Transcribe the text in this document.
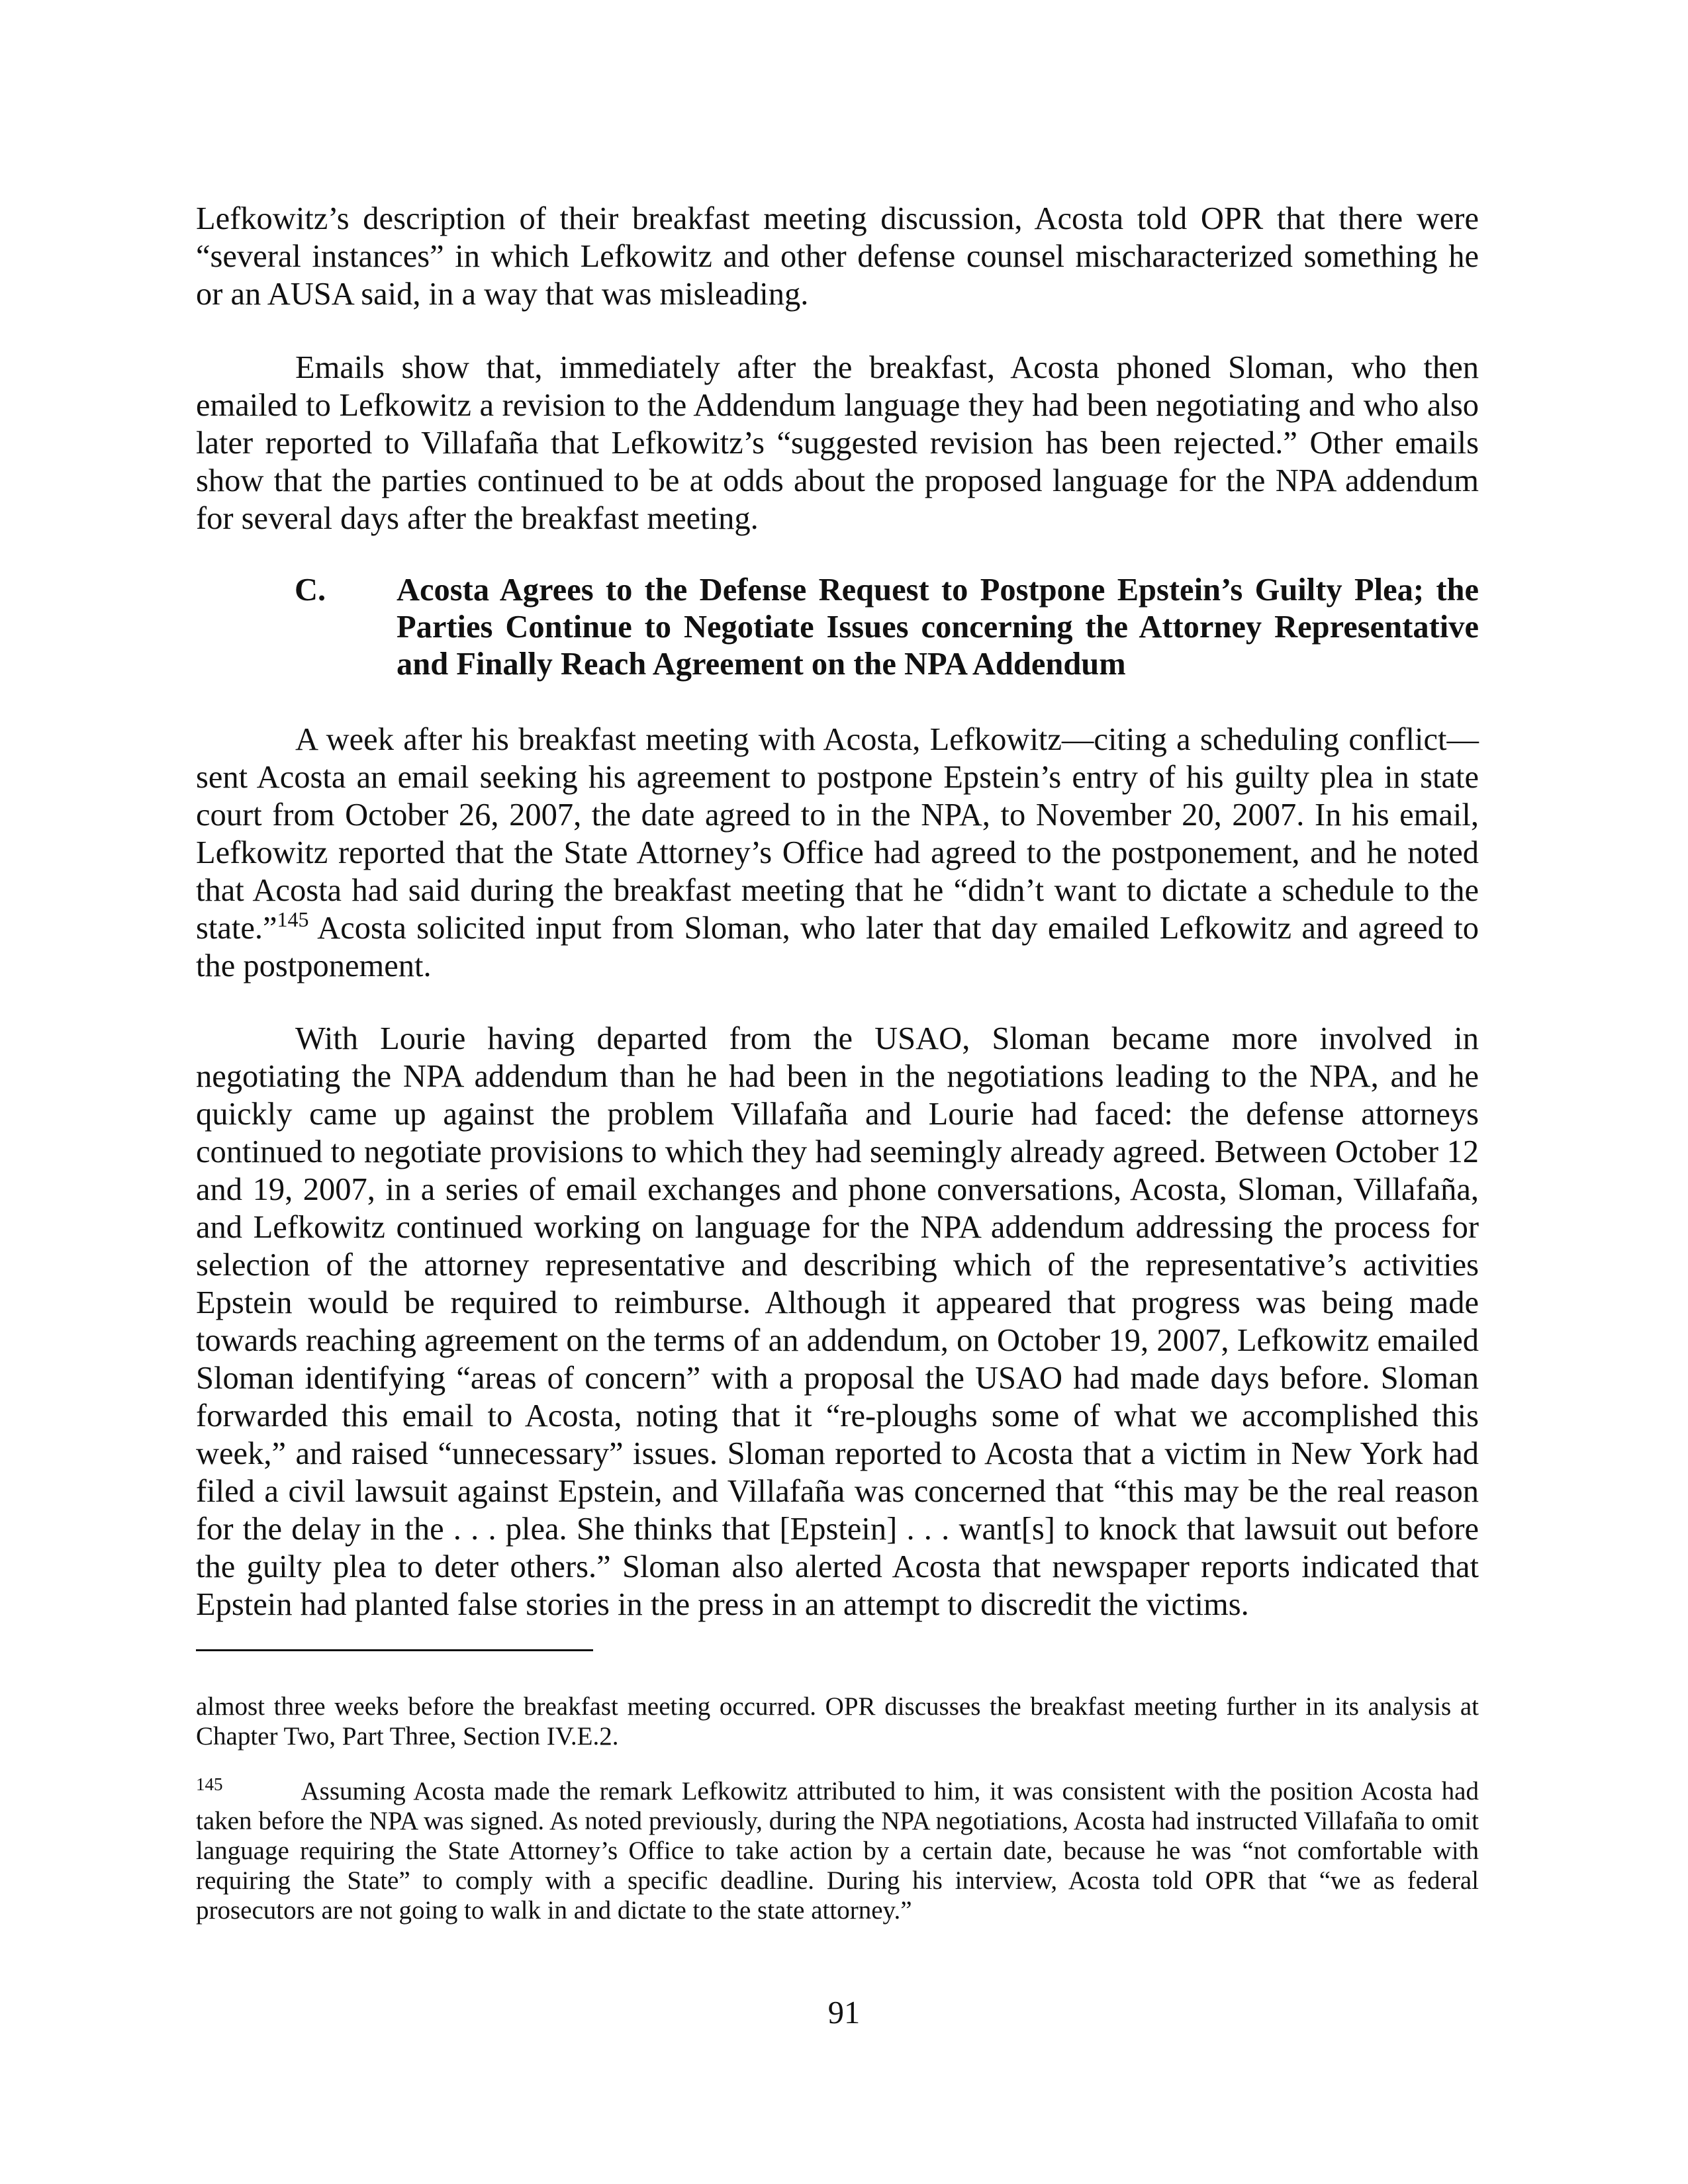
Lefkowitz’s description of their breakfast meeting discussion, Acosta told OPR that there were “several instances” in which Lefkowitz and other defense counsel mischaracterized something he or an AUSA said, in a way that was misleading.

Emails show that, immediately after the breakfast, Acosta phoned Sloman, who then emailed to Lefkowitz a revision to the Addendum language they had been negotiating and who also later reported to Villafaña that Lefkowitz’s “suggested revision has been rejected.” Other emails show that the parties continued to be at odds about the proposed language for the NPA addendum for several days after the breakfast meeting.

C. Acosta Agrees to the Defense Request to Postpone Epstein’s Guilty Plea; the Parties Continue to Negotiate Issues concerning the Attorney Representative and Finally Reach Agreement on the NPA Addendum

A week after his breakfast meeting with Acosta, Lefkowitz—citing a scheduling conflict— sent Acosta an email seeking his agreement to postpone Epstein’s entry of his guilty plea in state court from October 26, 2007, the date agreed to in the NPA, to November 20, 2007. In his email, Lefkowitz reported that the State Attorney’s Office had agreed to the postponement, and he noted that Acosta had said during the breakfast meeting that he “didn’t want to dictate a schedule to the state.”$^{145}$ Acosta solicited input from Sloman, who later that day emailed Lefkowitz and agreed to the postponement.

With Lourie having departed from the USAO, Sloman became more involved in negotiating the NPA addendum than he had been in the negotiations leading to the NPA, and he quickly came up against the problem Villafaña and Lourie had faced: the defense attorneys continued to negotiate provisions to which they had seemingly already agreed. Between October 12 and 19, 2007, in a series of email exchanges and phone conversations, Acosta, Sloman, Villafaña, and Lefkowitz continued working on language for the NPA addendum addressing the process for selection of the attorney representative and describing which of the representative’s activities Epstein would be required to reimburse. Although it appeared that progress was being made towards reaching agreement on the terms of an addendum, on October 19, 2007, Lefkowitz emailed Sloman identifying “areas of concern” with a proposal the USAO had made days before. Sloman forwarded this email to Acosta, noting that it “re-ploughs some of what we accomplished this week,” and raised “unnecessary” issues. Sloman reported to Acosta that a victim in New York had filed a civil lawsuit against Epstein, and Villafaña was concerned that “this may be the real reason for the delay in the . . . plea. She thinks that [Epstein] . . . want[s] to knock that lawsuit out before the guilty plea to deter others.” Sloman also alerted Acosta that newspaper reports indicated that Epstein had planted false stories in the press in an attempt to discredit the victims.

almost three weeks before the breakfast meeting occurred. OPR discusses the breakfast meeting further in its analysis at Chapter Two, Part Three, Section IV.E.2.

$^{145}$	Assuming Acosta made the remark Lefkowitz attributed to him, it was consistent with the position Acosta had taken before the NPA was signed. As noted previously, during the NPA negotiations, Acosta had instructed Villafaña to omit language requiring the State Attorney’s Office to take action by a certain date, because he was “not comfortable with requiring the State” to comply with a specific deadline. During his interview, Acosta told OPR that “we as federal prosecutors are not going to walk in and dictate to the state attorney.”

91
